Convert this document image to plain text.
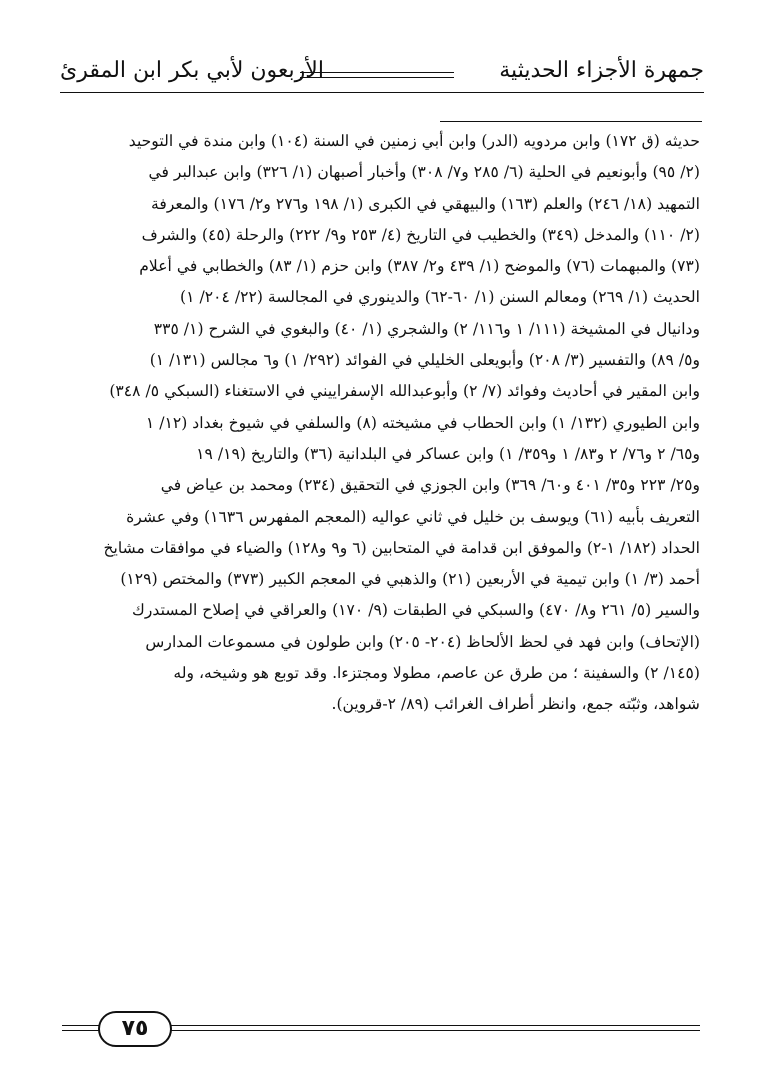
جمهرة الأجزاء الحديثية
الأربعون لأبي بكر ابن المقرئ
حديثه (ق ١٧٢) وابن مردويه (الدر) وابن أبي زمنين في السنة (١٠٤) وابن مندة في التوحيد
(٢/ ٩٥) وأبونعيم في الحلية (٦/ ٢٨٥ و٧/ ٣٠٨) وأخبار أصبهان (١/ ٣٢٦) وابن عبدالبر في
التمهيد (١٨/ ٢٤٦) والعلم (١٦٣) والبيهقي في الكبرى (١/ ١٩٨ و٢٧٦ و٢/ ١٧٦) والمعرفة
(٢/ ١١٠) والمدخل (٣٤٩) والخطيب في التاريخ (٤/ ٢٥٣ و٩/ ٢٢٢) والرحلة (٤٥) والشرف
(٧٣) والمبهمات (٧٦) والموضح (١/ ٤٣٩ و٢/ ٣٨٧) وابن حزم (١/ ٨٣) والخطابي في أعلام
الحديث (١/ ٢٦٩) ومعالم السنن (١/ ٦٠-٦٢) والدينوري في المجالسة (٢٢/ ٢٠٤/ ١)
ودانيال في المشيخة (١١١/ ١ و١١٦/ ٢) والشجري (١/ ٤٠) والبغوي في الشرح (١/ ٣٣٥
و٥/ ٨٩) والتفسير (٣/ ٢٠٨) وأبويعلى الخليلي في الفوائد (٢٩٢/ ١) و٦ مجالس (١٣١/ ١)
وابن المقير في أحاديث وفوائد (٧/ ٢) وأبوعبدالله الإسفراييني في الاستغناء (السبكي ٥/ ٣٤٨)
وابن الطيوري (١٣٢/ ١) وابن الحطاب في مشيخته (٨) والسلفي في شيوخ بغداد (١٢/ ١
و٦٥/ ٢ و٧٦/ ٢ و٨٣/ ١ و٣٥٩/ ١) وابن عساكر في البلدانية (٣٦) والتاريخ (١٩/ ١٩
و٢٥/ ٢٢٣ و٣٥/ ٤٠١ و٦٠/ ٣٦٩) وابن الجوزي في التحقيق (٢٣٤) ومحمد بن عياض في
التعريف بأبيه (٦١) ويوسف بن خليل في ثاني عواليه (المعجم المفهرس ١٦٣٦) وفي عشرة
الحداد (١٨٢/ ١-٢) والموفق ابن قدامة في المتحابين (٦ و٩ و١٢٨) والضياء في موافقات مشايخ
أحمد (٣/ ١) وابن تيمية في الأربعين (٢١) والذهبي في المعجم الكبير (٣٧٣) والمختص (١٢٩)
والسير (٥/ ٢٦١ و٨/ ٤٧٠) والسبكي في الطبقات (٩/ ١٧٠) والعراقي في إصلاح المستدرك
(الإتحاف) وابن فهد في لحظ الألحاظ (٢٠٤- ٢٠٥) وابن طولون في مسموعات المدارس
(١٤٥/ ٢) والسفينة ؛ من طرق عن عاصم، مطولا ومجتزءا. وقد توبع هو وشيخه، وله
شواهد، وثبّته جمع، وانظر أطراف الغرائب (٨٩/ ٢-قروين).
٧٥
